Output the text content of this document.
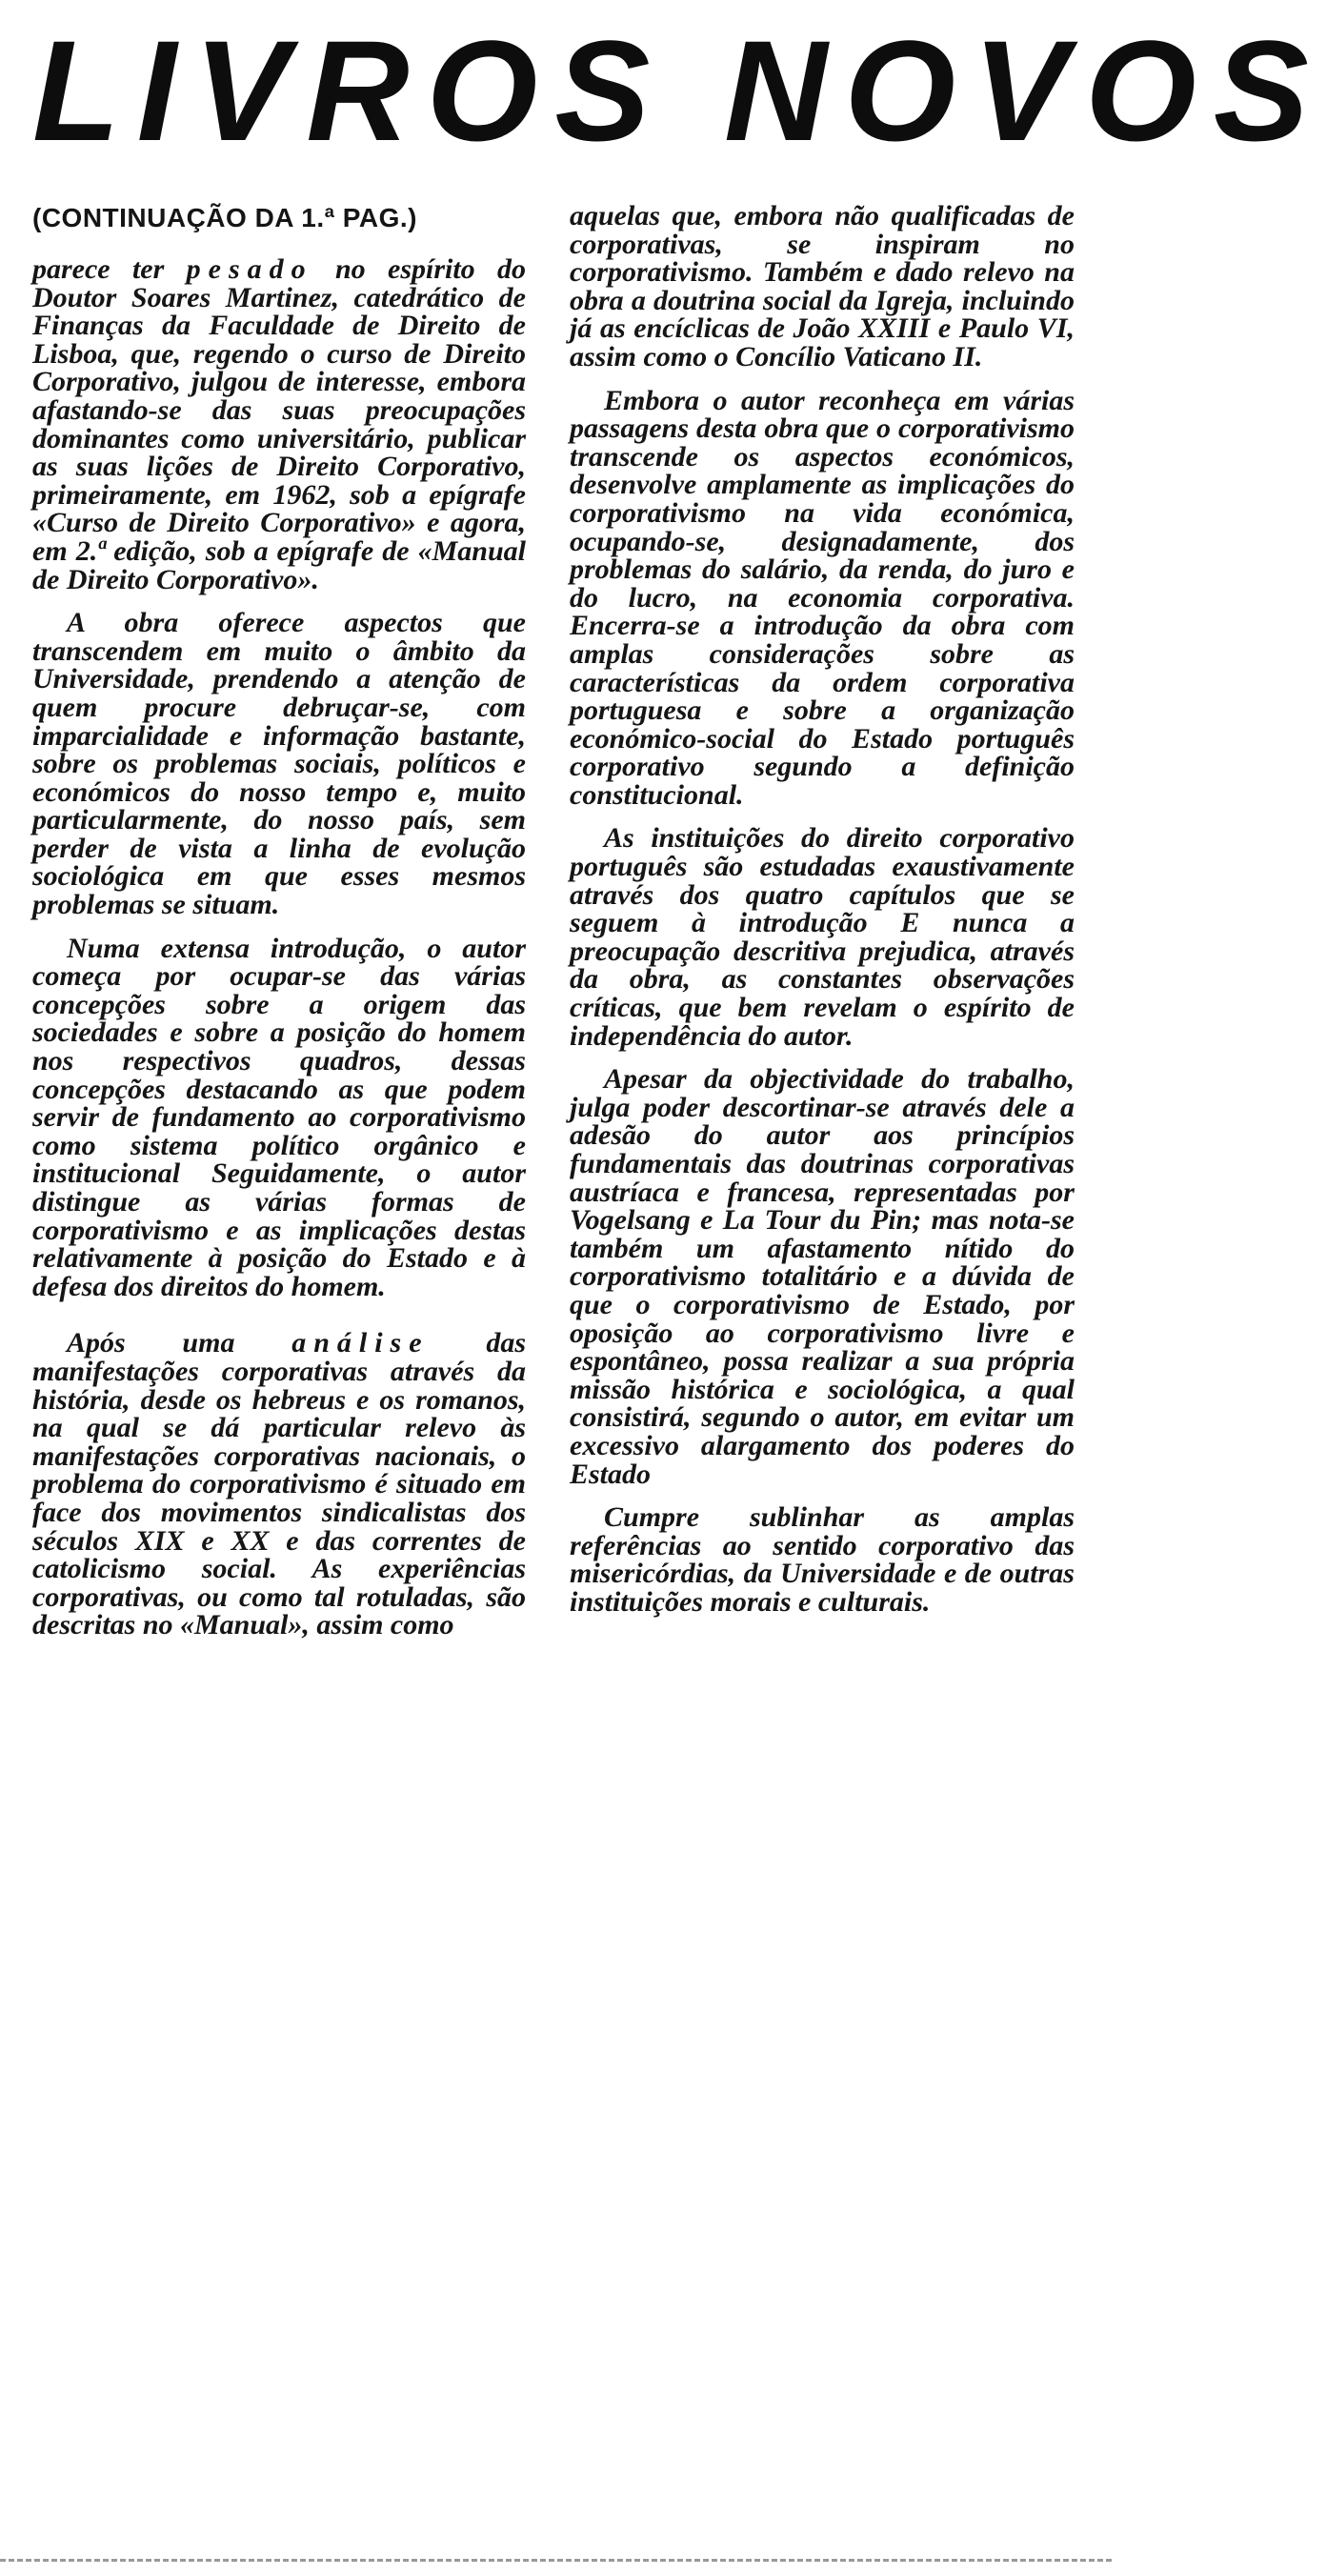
LIVROS NOVOS
(CONTINUAÇÃO DA 1.ª PAG.)

parece ter pesado no espírito do Doutor Soares Martinez, catedrático de Finanças da Faculdade de Direito de Lisboa, que, regendo o curso de Direito Corporativo, julgou de interesse, embora afastando-se das suas preocupações dominantes como universitário, publicar as suas lições de Direito Corporativo, primeiramente, em 1962, sob a epígrafe «Curso de Direito Corporativo» e agora, em 2.ª edição, sob a epígrafe de «Manual de Direito Corporativo».

A obra oferece aspectos que transcendem em muito o âmbito da Universidade, prendendo a atenção de quem procure debruçar-se, com imparcialidade e informação bastante, sobre os problemas sociais, políticos e económicos do nosso tempo e, muito particularmente, do nosso país, sem perder de vista a linha de evolução sociológica em que esses mesmos problemas se situam.

Numa extensa introdução, o autor começa por ocupar-se das várias concepções sobre a origem das sociedades e sobre a posição do homem nos respectivos quadros, dessas concepções destacando as que podem servir de fundamento ao corporativismo como sistema político orgânico e institucional Seguidamente, o autor distingue as várias formas de corporativismo e as implicações destas relativamente à posição do Estado e à defesa dos direitos do homem.

Após uma análise das manifestações corporativas através da história, desde os hebreus e os romanos, na qual se dá particular relevo às manifestações corporativas nacionais, o problema do corporativismo é situado em face dos movimentos sindicalistas dos séculos XIX e XX e das correntes de catolicismo social. As experiências corporativas, ou como tal rotuladas, são descritas no «Manual», assim como

aquelas que, embora não qualificadas de corporativas, se inspiram no corporativismo. Também e dado relevo na obra a doutrina social da Igreja, incluindo já as encíclicas de João XXIII e Paulo VI, assim como o Concílio Vaticano II.

Embora o autor reconheça em várias passagens desta obra que o corporativismo transcende os aspectos económicos, desenvolve amplamente as implicações do corporativismo na vida económica, ocupando-se, designadamente, dos problemas do salário, da renda, do juro e do lucro, na economia corporativa. Encerra-se a introdução da obra com amplas considerações sobre as características da ordem corporativa portuguesa e sobre a organização económico-social do Estado português corporativo segundo a definição constitucional.

As instituições do direito corporativo português são estudadas exaustivamente através dos quatro capítulos que se seguem à introdução E nunca a preocupação descritiva prejudica, através da obra, as constantes observações críticas, que bem revelam o espírito de independência do autor.

Apesar da objectividade do trabalho, julga poder descortinar-se através dele a adesão do autor aos princípios fundamentais das doutrinas corporativas austríaca e francesa, representadas por Vogelsang e La Tour du Pin; mas nota-se também um afastamento nítido do corporativismo totalitário e a dúvida de que o corporativismo de Estado, por oposição ao corporativismo livre e espontâneo, possa realizar a sua própria missão histórica e sociológica, a qual consistirá, segundo o autor, em evitar um excessivo alargamento dos poderes do Estado

Cumpre sublinhar as amplas referências ao sentido corporativo das misericórdias, da Universidade e de outras instituições morais e culturais.
